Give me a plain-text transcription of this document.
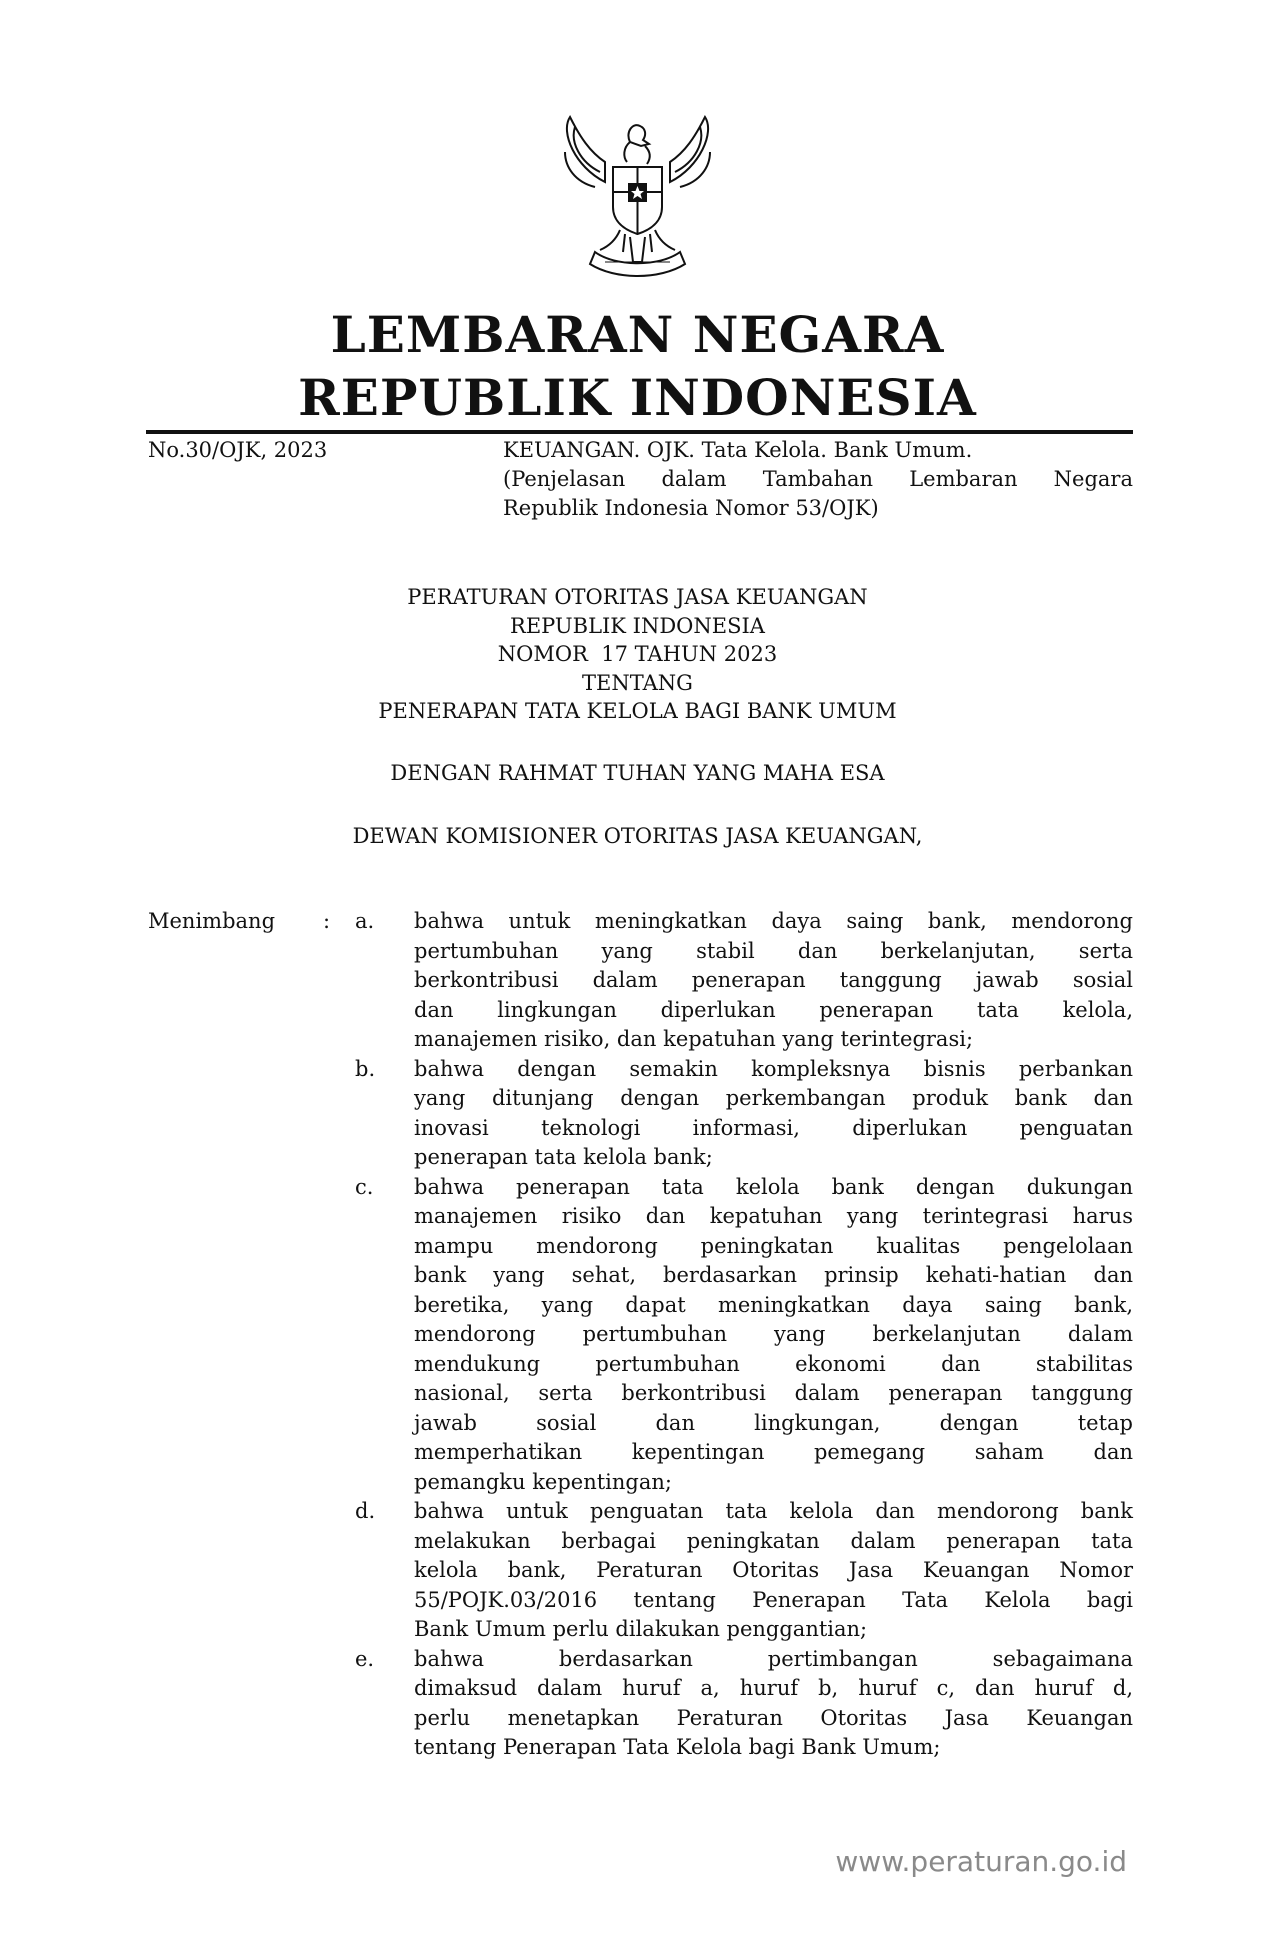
LEMBARAN NEGARA
REPUBLIK INDONESIA
No.30/OJK, 2023	KEUANGAN. OJK. Tata Kelola. Bank Umum.
(Penjelasan dalam Tambahan Lembaran Negara
Republik Indonesia Nomor 53/OJK)
PERATURAN OTORITAS JASA KEUANGAN
REPUBLIK INDONESIA
NOMOR  17 TAHUN 2023
TENTANG
PENERAPAN TATA KELOLA BAGI BANK UMUM
DENGAN RAHMAT TUHAN YANG MAHA ESA
DEWAN KOMISIONER OTORITAS JASA KEUANGAN,
Menimbang : a. bahwa untuk meningkatkan daya saing bank, mendorong
pertumbuhan yang stabil dan berkelanjutan, serta
berkontribusi dalam penerapan tanggung jawab sosial
dan lingkungan diperlukan penerapan tata kelola,
manajemen risiko, dan kepatuhan yang terintegrasi;
b. bahwa dengan semakin kompleksnya bisnis perbankan
yang ditunjang dengan perkembangan produk bank dan
inovasi teknologi informasi, diperlukan penguatan
penerapan tata kelola bank;
c. bahwa penerapan tata kelola bank dengan dukungan
manajemen risiko dan kepatuhan yang terintegrasi harus
mampu mendorong peningkatan kualitas pengelolaan
bank yang sehat, berdasarkan prinsip kehati-hatian dan
beretika, yang dapat meningkatkan daya saing bank,
mendorong pertumbuhan yang berkelanjutan dalam
mendukung pertumbuhan ekonomi dan stabilitas
nasional, serta berkontribusi dalam penerapan tanggung
jawab sosial dan lingkungan, dengan tetap
memperhatikan kepentingan pemegang saham dan
pemangku kepentingan;
d. bahwa untuk penguatan tata kelola dan mendorong bank
melakukan berbagai peningkatan dalam penerapan tata
kelola bank, Peraturan Otoritas Jasa Keuangan Nomor
55/POJK.03/2016 tentang Penerapan Tata Kelola bagi
Bank Umum perlu dilakukan penggantian;
e. bahwa berdasarkan pertimbangan sebagaimana
dimaksud dalam huruf a, huruf b, huruf c, dan huruf d,
perlu menetapkan Peraturan Otoritas Jasa Keuangan
tentang Penerapan Tata Kelola bagi Bank Umum;
www.peraturan.go.id
